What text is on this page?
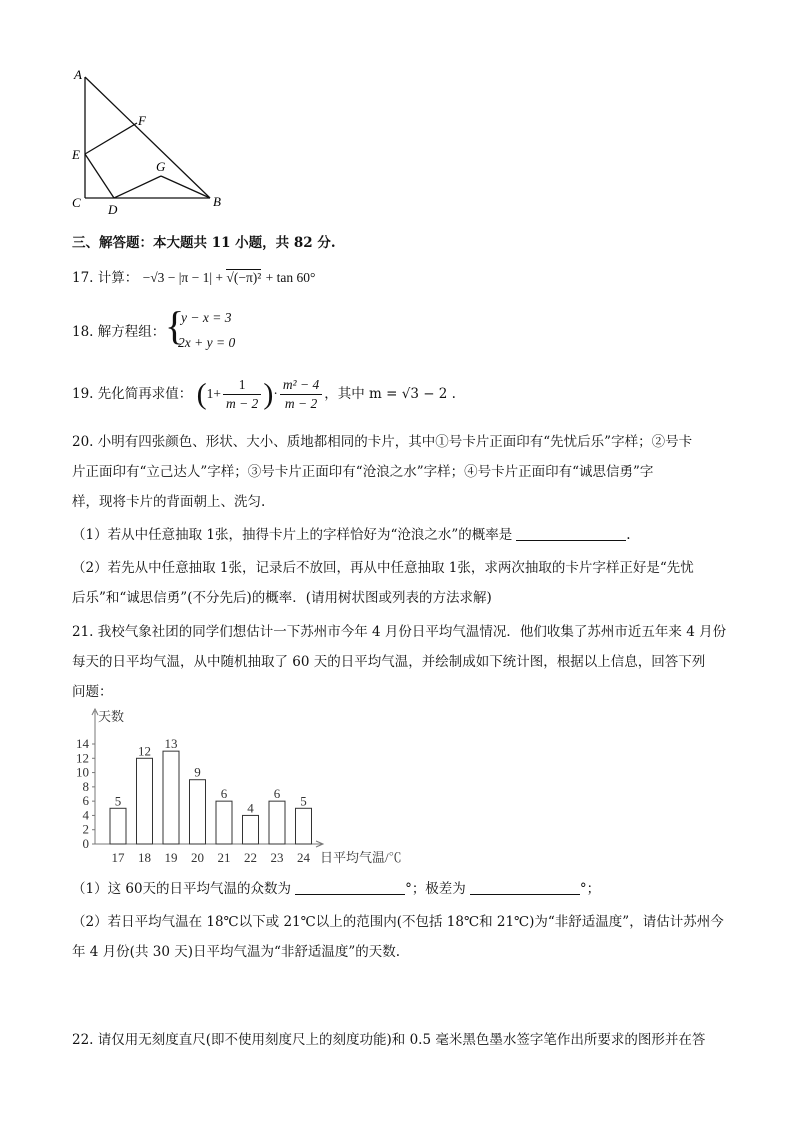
A
F
E
G
C D
B
三、解答题：本大题共 11 小题，共 82 分.
17. 计算： −√3 − |π − 1| + √(−π)² + tan 60°
18. 解方程组： {
y − x = 3
2x + y = 0
19. 先化简再求值： ($1+ \frac{1}{m - 2}$ )· $\frac{\text{m² − 4}}{m - 2}$ ，其中 m = √3 − 2 .
20. 小明有四张颜色、形状、大小、质地都相同的卡片，其中①号卡片正面印有“先忧后乐”字样；②号卡
片正面印有“立己达人”字样；③号卡片正面印有“沧浪之水”字样；④号卡片正面印有“诚思信勇”字
样，现将卡片的背面朝上、洗匀.
（1）若从中任意抽取 1张，抽得卡片上的字样恰好为“沧浪之水”的概率是	.
（2）若先从中任意抽取 1张，记录后不放回，再从中任意抽取 1张，求两次抽取的卡片字样正好是“先忧
后乐”和“诚思信勇”(不分先后)的概率．(请用树状图或列表的方法求解)
21. 我校气象社团的同学们想估计一下苏州市今年 4 月份日平均气温情况．他们收集了苏州市近五年来 4 月份
每天的日平均气温，从中随机抽取了 60 天的日平均气温，并绘制成如下统计图，根据以上信息，回答下列
问题：
0
2
4
6
8
10
12
14
天数
日平均气温/℃
5
17
12
18
13
19
9
20
6
21
4
22
6
23
5
24
（1）这 60天的日平均气温的众数为	°；极差为	°；
（2）若日平均气温在 18℃以下或 21℃以上的范围内(不包括 18℃和 21℃)为“非舒适温度”，请估计苏州今
年 4 月份(共 30 天)日平均气温为“非舒适温度”的天数.
22. 请仅用无刻度直尺(即不使用刻度尺上的刻度功能)和 0.5 毫米黑色墨水签字笔作出所要求的图形并在答
